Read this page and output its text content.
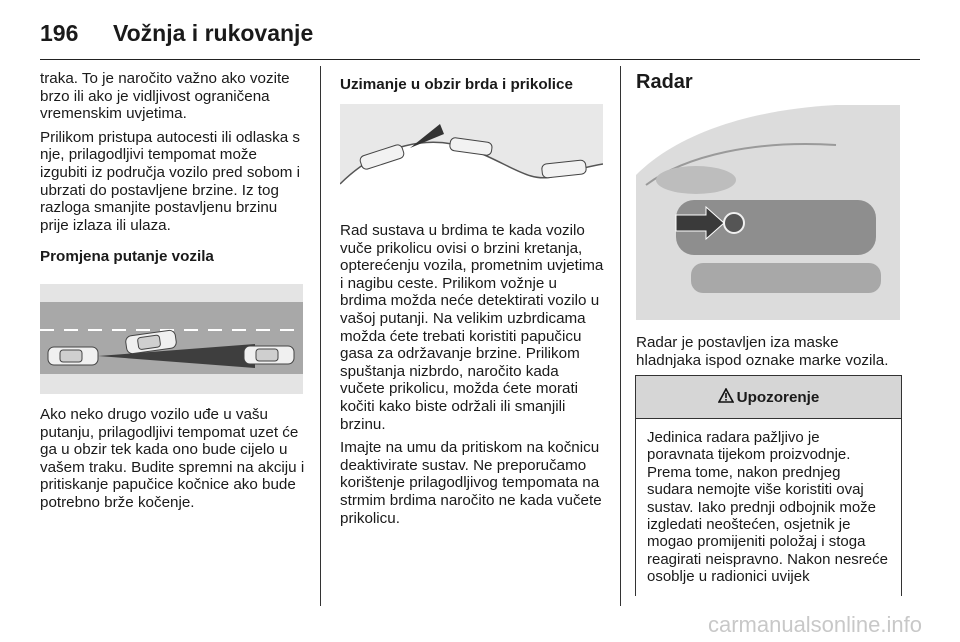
196 Vožnja i rukovanje

traka. To je naročito važno ako vozite brzo ili ako je vidljivost ograničena vremenskim uvjetima.

Prilikom pristupa autocesti ili odlaska s nje, prilagodljivi tempomat može izgubiti iz područja vozilo pred sobom i ubrzati do postavljene brzine. Iz tog razloga smanjite postavljenu brzinu prije izlaza ili ulaza.

Promjena putanje vozila

Ako neko drugo vozilo uđe u vašu putanju, prilagodljivi tempomat uzet će ga u obzir tek kada ono bude cijelo u vašem traku. Budite spremni na akciju i pritiskanje papučice kočnice ako bude potrebno brže kočenje.

Uzimanje u obzir brda i prikolice

Rad sustava u brdima te kada vozilo vuče prikolicu ovisi o brzini kretanja, opterećenju vozila, prometnim uvjetima i nagibu ceste. Prilikom vožnje u brdima možda neće detektirati vozilo u vašoj putanji. Na velikim uzbrdicama možda ćete trebati koristiti papučicu gasa za održavanje brzine. Prilikom spuštanja nizbrdo, naročito kada vučete prikolicu, možda ćete morati kočiti kako biste održali ili smanjili brzinu.

Imajte na umu da pritiskom na kočnicu deaktivirate sustav. Ne preporučamo korištenje prilagodljivog tempomata na strmim brdima naročito ne kada vučete prikolicu.

Radar

Radar je postavljen iza maske hladnjaka ispod oznake marke vozila.

Upozorenje
Jedinica radara pažljivo je poravnata tijekom proizvodnje. Prema tome, nakon prednjeg sudara nemojte više koristiti ovaj sustav. Iako prednji odbojnik može izgledati neoštećen, osjetnik je mogao promijeniti položaj i stoga reagirati neispravno. Nakon nesreće osoblje u radionici uvijek
carmanualsonline.info
